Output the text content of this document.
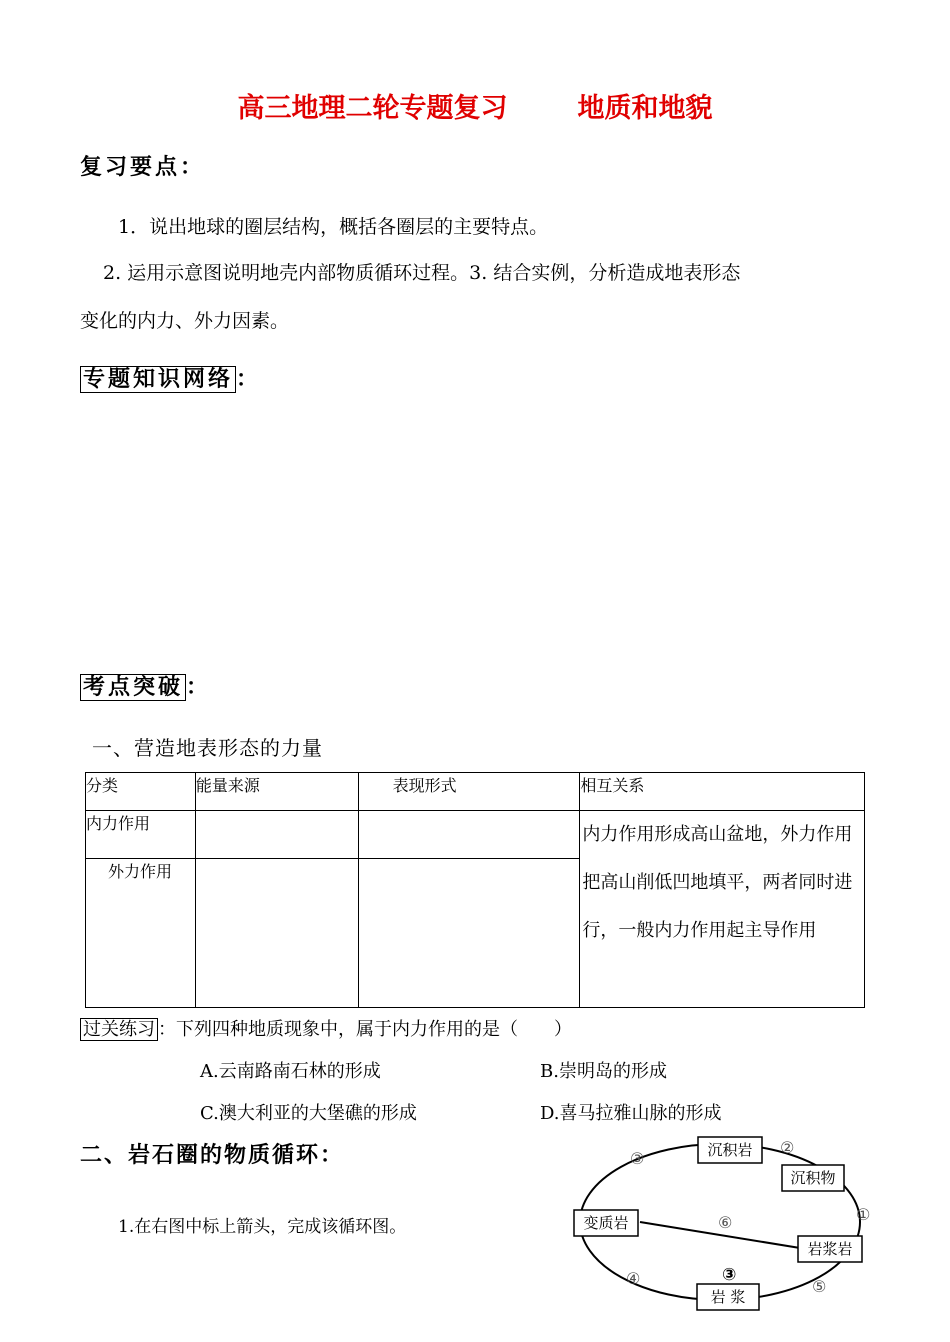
高三地理二轮专题复习	地质和地貌
复习要点：
1．说出地球的圈层结构，概括各圈层的主要特点。
2. 运用示意图说明地壳内部物质循环过程。3. 结合实例，分析造成地表形态
变化的内力、外力因素。
专题知识网络 ：
考点突破 ：
一、营造地表形态的力量
分类	能量来源	表现形式	相互关系
内力作用			内力作用形成高山盆地，外力作用把高山削低凹地填平，两者同时进行，一般内力作用起主导作用
外力作用			
过关练习 ：下列四种地质现象中，属于内力作用的是（　　）
A.云南路南石林的形成	B.崇明岛的形成
C.澳大利亚的大堡礁的形成	D.喜马拉雅山脉的形成
二、岩石圈的物质循环：
1.在右图中标上箭头，完成该循环图。
沉积岩
沉积物
变质岩
岩浆岩
岩 浆
①
②
③
④	⑤
⑥
③
